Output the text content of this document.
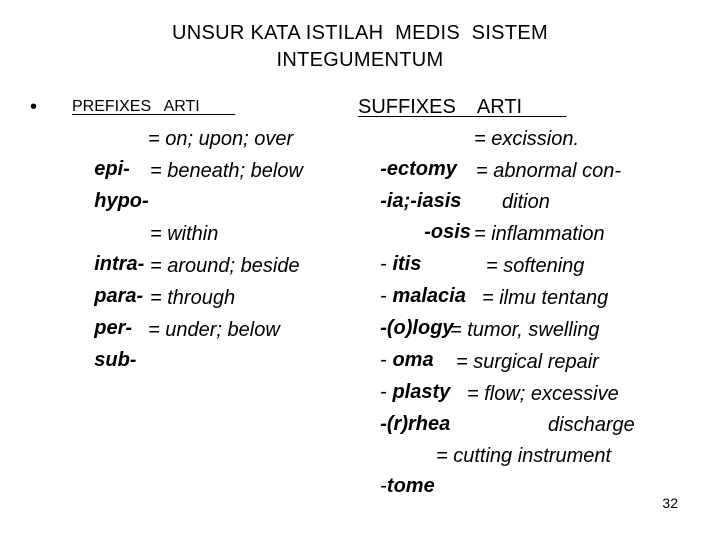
UNSUR KATA ISTILAH  MEDIS  SISTEM
INTEGUMENTUM
•	PREFIXES   ARTI

epi-

= on; upon; over

hypo-

= beneath; below

intra-

= within

para-

= around; beside

per-

= through

sub-

= under; below
SUFFIXES    ARTI

-ectomy

= excission.

-ia;-iasis

= abnormal con-

-osis

dition

- itis

= inflammation

- malacia

= softening

-(o)logy

= ilmu tentang

- oma

= tumor, swelling

- plasty

= surgical repair

-(r)rhea

= flow; excessive
discharge

-tome

= cutting instrument
32
